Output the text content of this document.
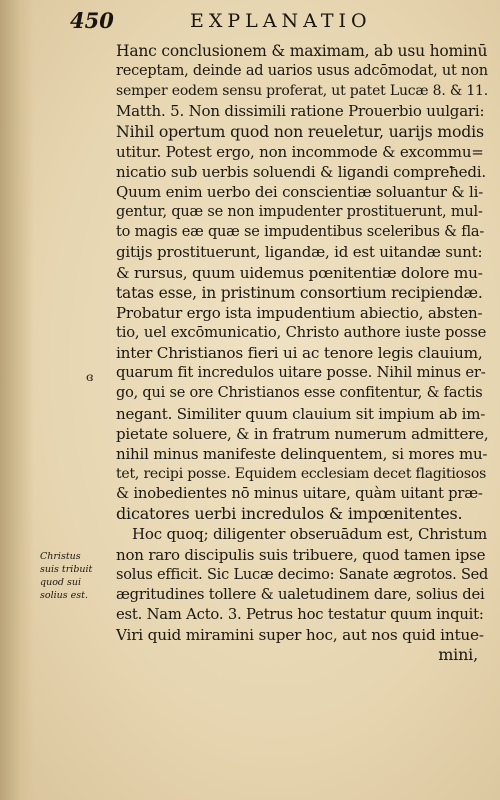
450	EXPLANATIO
ɞ
Christus
suis tribuit
quod sui
solius est.
Hanc conclusionem & maximam, ab usu hominū
receptam, deinde ad uarios usus adcōmodat, ut non
semper eodem sensu proferat, ut patet Lucæ 8. & 11.
Matth. 5. Non dissimili ratione Prouerbio uulgari:
Nihil opertum quod non reueletur, uarijs modis
utitur. Potest ergo, non incommode & excommu=
nicatio sub uerbis soluendi & ligandi compreħedi.
Quum enim uerbo dei conscientiæ soluantur & li-
gentur, quæ se non impudenter prostituerunt, mul-
to magis eæ quæ se impudentibus sceleribus & fla-
gitijs prostituerunt, ligandæ, id est uitandæ sunt:
& rursus, quum uidemus pœnitentiæ dolore mu-
tatas esse, in pristinum consortium recipiendæ.
Probatur ergo ista impudentium abiectio, absten-
tio, uel excōmunicatio, Christo authore iuste posse
inter Christianos fieri ui ac tenore legis clauium,
quarum fit incredulos uitare posse. Nihil minus er-
go, qui se ore Christianos esse confitentur, & factis
negant. Similiter quum clauium sit impium ab im-
pietate soluere, & in fratrum numerum admittere,
nihil minus manifeste delinquentem, si mores mu-
tet, recipi posse. Equidem ecclesiam decet flagitiosos
& inobedientes nō minus uitare, quàm uitant præ-
dicatores uerbi incredulos & impœnitentes.
Hoc quoq; diligenter obseruādum est, Christum
non raro discipulis suis tribuere, quod tamen ipse
solus efficit. Sic Lucæ decimo: Sanate ægrotos. Sed
ægritudines tollere & ualetudinem dare, solius dei
est. Nam Acto. 3. Petrus hoc testatur quum inquit:
Viri quid miramini super hoc, aut nos quid intue-
mini,
